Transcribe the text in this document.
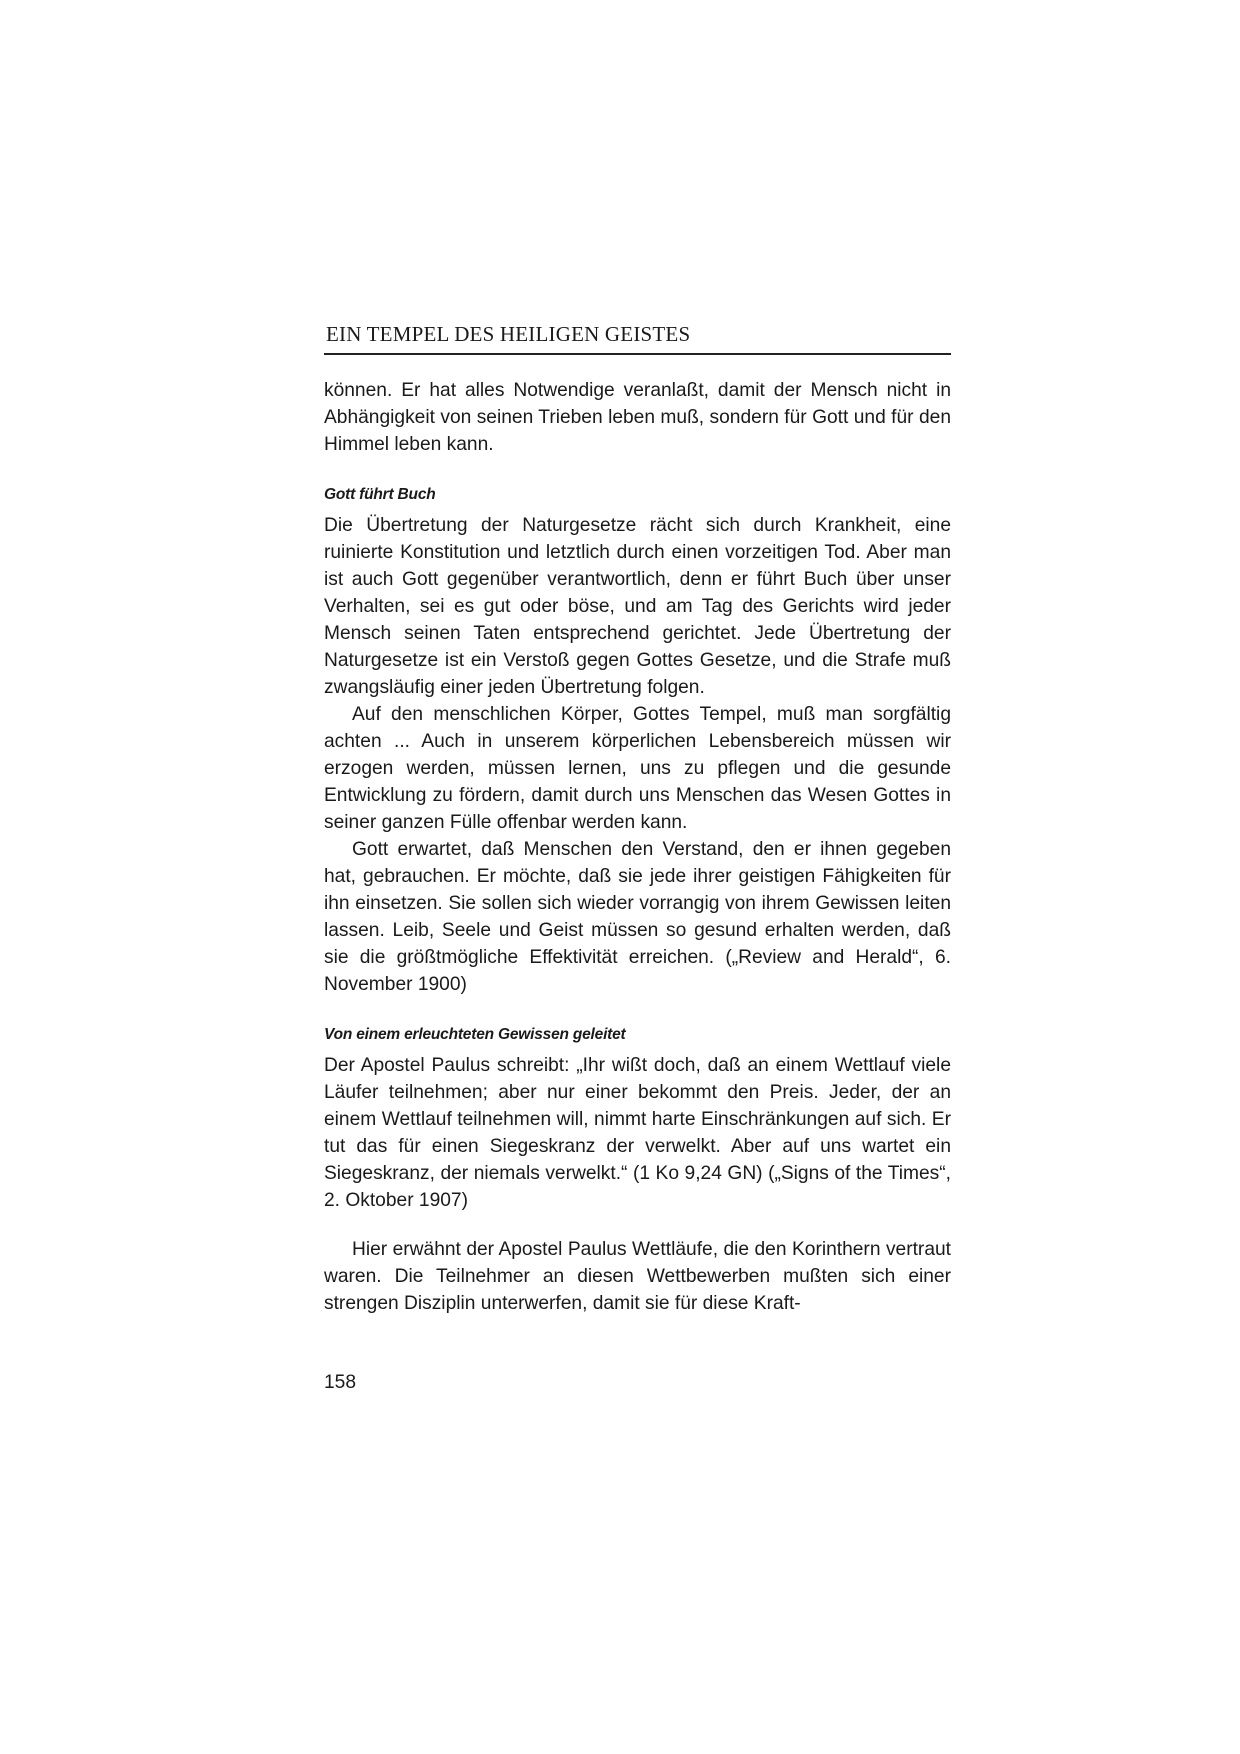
EIN TEMPEL DES HEILIGEN GEISTES

können. Er hat alles Notwendige veranlaßt, damit der Mensch nicht in Abhängigkeit von seinen Trieben leben muß, sondern für Gott und für den Himmel leben kann.

Gott führt Buch

Die Übertretung der Naturgesetze rächt sich durch Krankheit, eine ruinierte Konstitution und letztlich durch einen vorzeitigen Tod. Aber man ist auch Gott gegenüber verantwortlich, denn er führt Buch über unser Verhalten, sei es gut oder böse, und am Tag des Gerichts wird jeder Mensch seinen Taten entsprechend gerichtet. Jede Übertretung der Naturgesetze ist ein Verstoß gegen Gottes Gesetze, und die Strafe muß zwangsläufig einer jeden Übertretung folgen.

Auf den menschlichen Körper, Gottes Tempel, muß man sorgfältig achten ... Auch in unserem körperlichen Lebensbereich müssen wir erzogen werden, müssen lernen, uns zu pflegen und die gesunde Entwicklung zu fördern, damit durch uns Menschen das Wesen Gottes in seiner ganzen Fülle offenbar werden kann.

Gott erwartet, daß Menschen den Verstand, den er ihnen gegeben hat, gebrauchen. Er möchte, daß sie jede ihrer geistigen Fähigkeiten für ihn einsetzen. Sie sollen sich wieder vorrangig von ihrem Gewissen leiten lassen. Leib, Seele und Geist müssen so gesund erhalten werden, daß sie die größtmögliche Effektivität erreichen. („Review and Herald“, 6. November 1900)

Von einem erleuchteten Gewissen geleitet

Der Apostel Paulus schreibt: „Ihr wißt doch, daß an einem Wettlauf viele Läufer teilnehmen; aber nur einer bekommt den Preis. Jeder, der an einem Wettlauf teilnehmen will, nimmt harte Einschränkungen auf sich. Er tut das für einen Siegeskranz der verwelkt. Aber auf uns wartet ein Siegeskranz, der niemals verwelkt.“ (1 Ko 9,24 GN) („Signs of the Times“, 2. Oktober 1907)

Hier erwähnt der Apostel Paulus Wettläufe, die den Korinthern vertraut waren. Die Teilnehmer an diesen Wettbewerben mußten sich einer strengen Disziplin unterwerfen, damit sie für diese Kraft-

158
